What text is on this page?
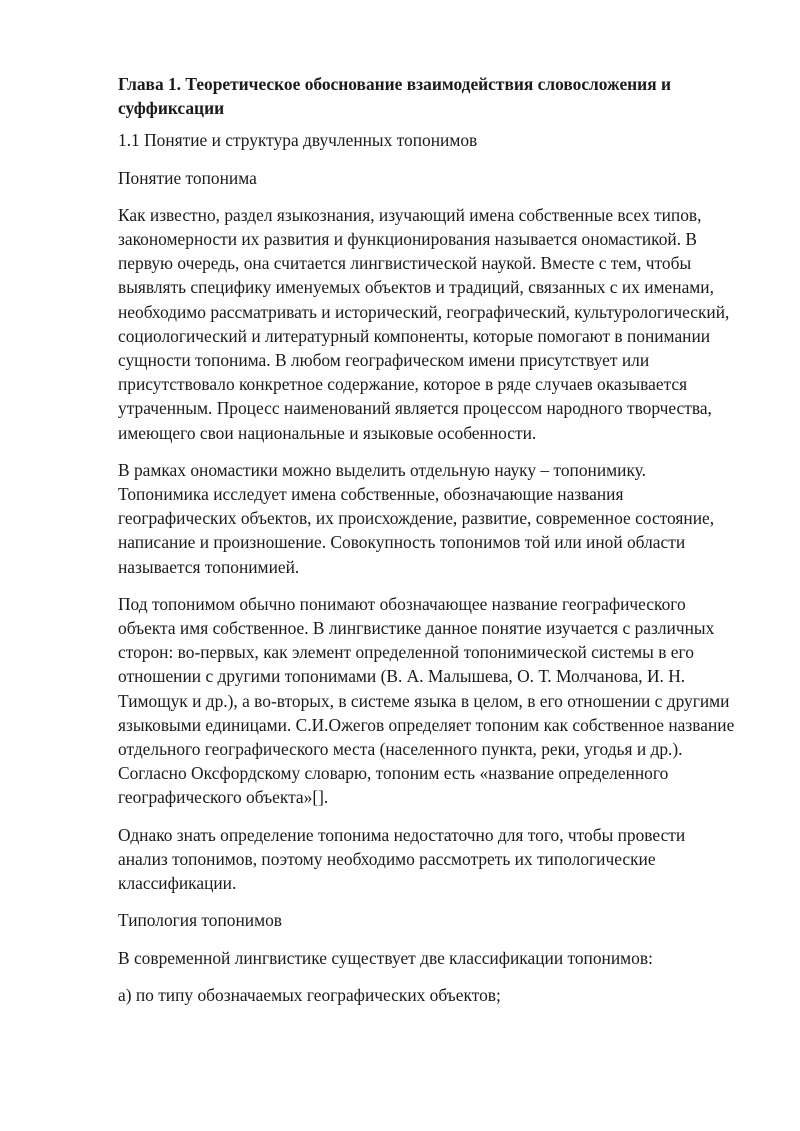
Глава 1. Теоретическое обоснование взаимодействия словосложения и суффиксации
1.1 Понятие и структура двучленных топонимов
Понятие топонима
Как известно, раздел языкознания, изучающий имена собственные всех типов, закономерности их развития и функционирования называется ономастикой. В первую очередь, она считается лингвистической наукой. Вместе с тем, чтобы выявлять специфику именуемых объектов и традиций, связанных с их именами, необходимо рассматривать и исторический, географический, культурологический, социологический и литературный компоненты, которые помогают в понимании сущности топонима. В любом географическом имени присутствует или присутствовало конкретное содержание, которое в ряде случаев оказывается утраченным. Процесс наименований является процессом народного творчества, имеющего свои национальные и языковые особенности.
В рамках ономастики можно выделить отдельную науку – топонимику. Топонимика исследует имена собственные, обозначающие названия географических объектов, их происхождение, развитие, современное состояние, написание и произношение. Совокупность топонимов той или иной области называется топонимией.
Под топонимом обычно понимают обозначающее название географического объекта имя собственное. В лингвистике данное понятие изучается с различных сторон: во-первых, как элемент определенной топонимической системы в его отношении с другими топонимами (В. А. Малышева, О. Т. Молчанова, И. Н. Тимощук и др.), а во-вторых, в системе языка в целом, в его отношении с другими языковыми единицами. С.И.Ожегов определяет топоним как собственное название отдельного географического места (населенного пункта, реки, угодья и др.). Согласно Оксфордскому словарю, топоним есть «название определенного географического объекта»[].
Однако знать определение топонима недостаточно для того, чтобы провести анализ топонимов, поэтому необходимо рассмотреть их типологические классификации.
Типология топонимов
В современной лингвистике существует две классификации топонимов:
а) по типу обозначаемых географических объектов;
